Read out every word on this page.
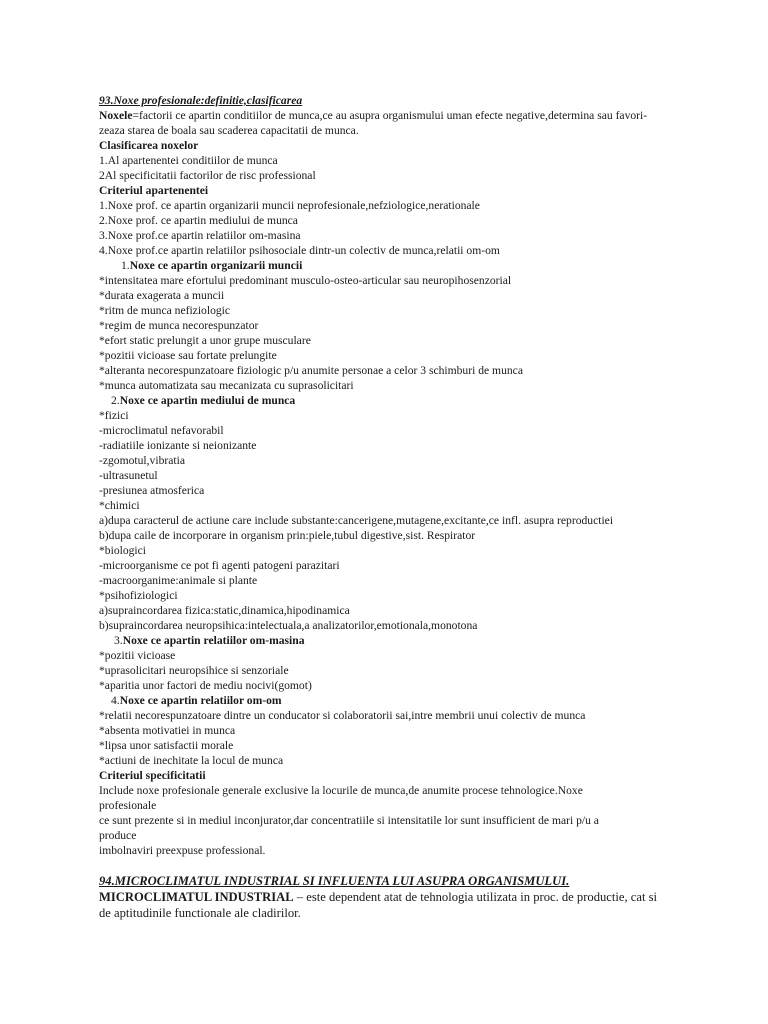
93.Noxe profesionale:definitie,clasificarea
Noxele=factorii ce apartin conditiilor de munca,ce au asupra organismului uman efecte negative,determina sau favori-
zeaza starea de boala sau scaderea capacitatii de munca.
Clasificarea noxelor
1.Al apartenentei conditiilor de munca
2Al specificitatii factorilor de risc professional
Criteriul apartenentei
1.Noxe prof. ce apartin organizarii muncii neprofesionale,nefziologice,nerationale
2.Noxe prof. ce apartin mediului de munca
3.Noxe prof.ce apartin relatiilor om-masina
4.Noxe prof.ce apartin relatiilor psihosociale dintr-un colectiv de munca,relatii om-om
1.Noxe ce apartin organizarii muncii
*intensitatea mare efortului predominant musculo-osteo-articular sau neuropihosenzorial
*durata exagerata a muncii
*ritm de munca nefiziologic
*regim de munca necorespunzator
*efort static prelungit a unor grupe musculare
*pozitii vicioase sau fortate prelungite
*alteranta necorespunzatoare fiziologic p/u anumite personae a celor 3 schimburi de munca
*munca automatizata sau mecanizata cu suprasolicitari
2.Noxe ce apartin mediului de munca
*fizici
-microclimatul nefavorabil
-radiatiile ionizante si neionizante
-zgomotul,vibratia
-ultrasunetul
-presiunea atmosferica
*chimici
a)dupa caracterul de actiune care include substante:cancerigene,mutagene,excitante,ce infl. asupra reproductiei
b)dupa caile de incorporare in organism prin:piele,tubul digestive,sist. Respirator
*biologici
-microorganisme ce pot fi agenti patogeni parazitari
-macroorganime:animale si plante
*psihofiziologici
a)supraincordarea fizica:static,dinamica,hipodinamica
b)supraincordarea neuropsihica:intelectuala,a analizatorilor,emotionala,monotona
3.Noxe ce apartin relatiilor om-masina
*pozitii vicioase
*uprasolicitari neuropsihice si senzoriale
*aparitia unor factori de mediu nocivi(gomot)
4.Noxe ce apartin relatiilor om-om
*relatii necorespunzatoare dintre un conducator si colaboratorii sai,intre membrii unui colectiv de munca
*absenta motivatiei in munca
*lipsa unor satisfactii morale
*actiuni de inechitate la locul de munca
Criteriul specificitatii
Include noxe profesionale generale exclusive la locurile de munca,de anumite procese tehnologice.Noxe
profesionale
ce sunt prezente si in mediul inconjurator,dar concentratiile si intensitatile lor sunt insufficient de mari p/u a
produce
imbolnaviri preexpuse professional.
94.MICROCLIMATUL INDUSTRIAL SI INFLUENTA LUI ASUPRA ORGANISMULUI.
MICROCLIMATUL INDUSTRIAL – este dependent atat de tehnologia utilizata in proc. de productie, cat si
de aptitudinile functionale ale cladirilor.
